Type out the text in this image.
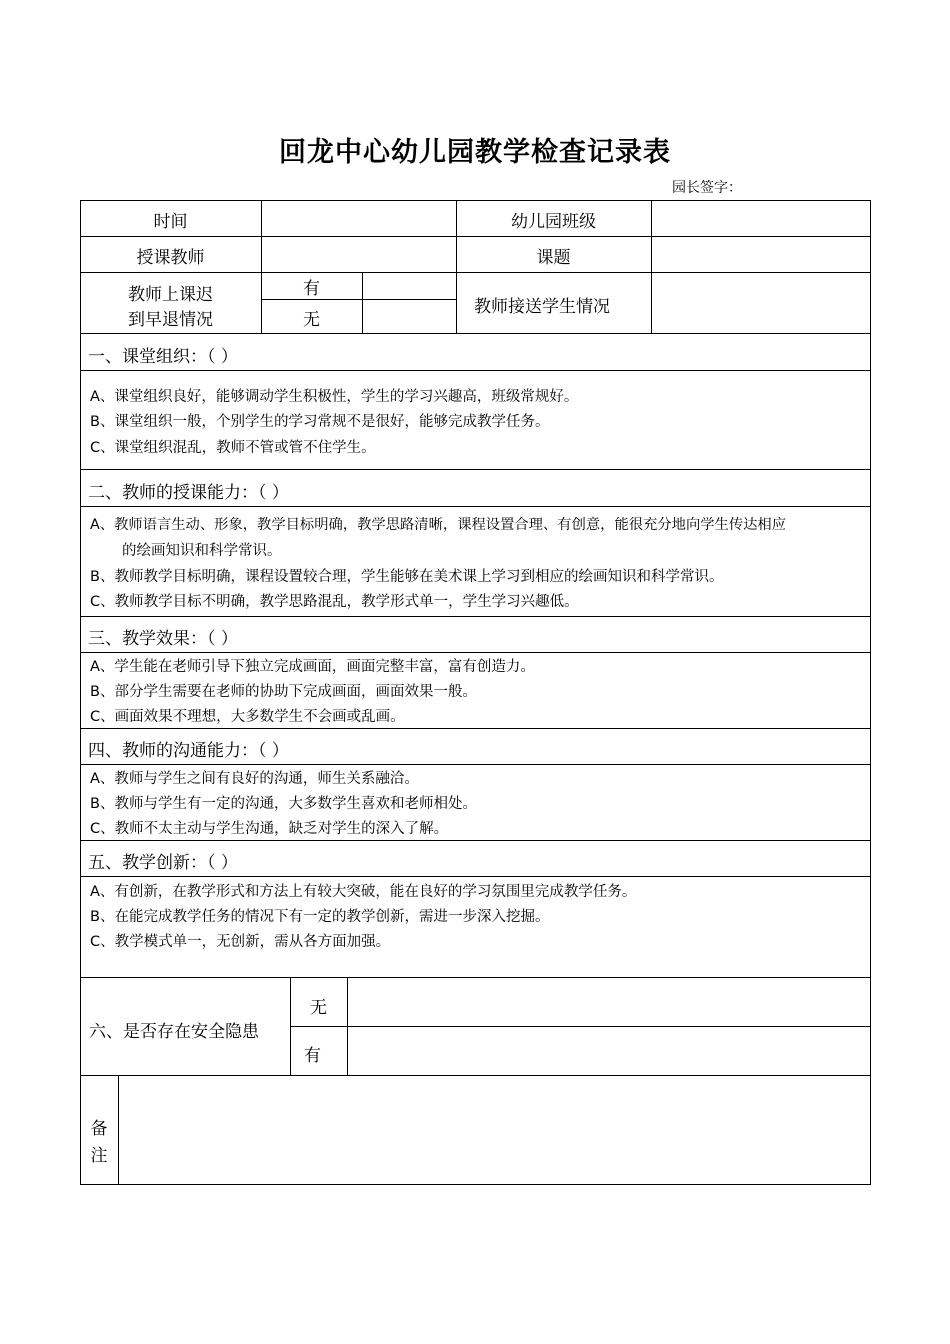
回龙中心幼儿园教学检查记录表
园长签字：
时间	幼儿园班级
授课教师	课题
教师上课迟
到早退情况
有
无
教师接送学生情况
一、课堂组织：（ ）
A、课堂组织良好，能够调动学生积极性，学生的学习兴趣高，班级常规好。
B、课堂组织一般，个别学生的学习常规不是很好，能够完成教学任务。
C、课堂组织混乱，教师不管或管不住学生。
二、教师的授课能力：（ ）
A、教师语言生动、形象，教学目标明确，教学思路清晰，课程设置合理、有创意，能很充分地向学生传达相应
的绘画知识和科学常识。
B、教师教学目标明确，课程设置较合理，学生能够在美术课上学习到相应的绘画知识和科学常识。
C、教师教学目标不明确，教学思路混乱，教学形式单一，学生学习兴趣低。
三、教学效果：（ ）
A、学生能在老师引导下独立完成画面，画面完整丰富，富有创造力。
B、部分学生需要在老师的协助下完成画面，画面效果一般。
C、画面效果不理想，大多数学生不会画或乱画。
四、教师的沟通能力：（ ）
A、教师与学生之间有良好的沟通，师生关系融洽。
B、教师与学生有一定的沟通，大多数学生喜欢和老师相处。
C、教师不太主动与学生沟通，缺乏对学生的深入了解。
五、教学创新：（ ）
A、有创新，在教学形式和方法上有较大突破，能在良好的学习氛围里完成教学任务。
B、在能完成教学任务的情况下有一定的教学创新，需进一步深入挖掘。
C、教学模式单一，无创新，需从各方面加强。
六、是否存在安全隐患
无
有
备
注
